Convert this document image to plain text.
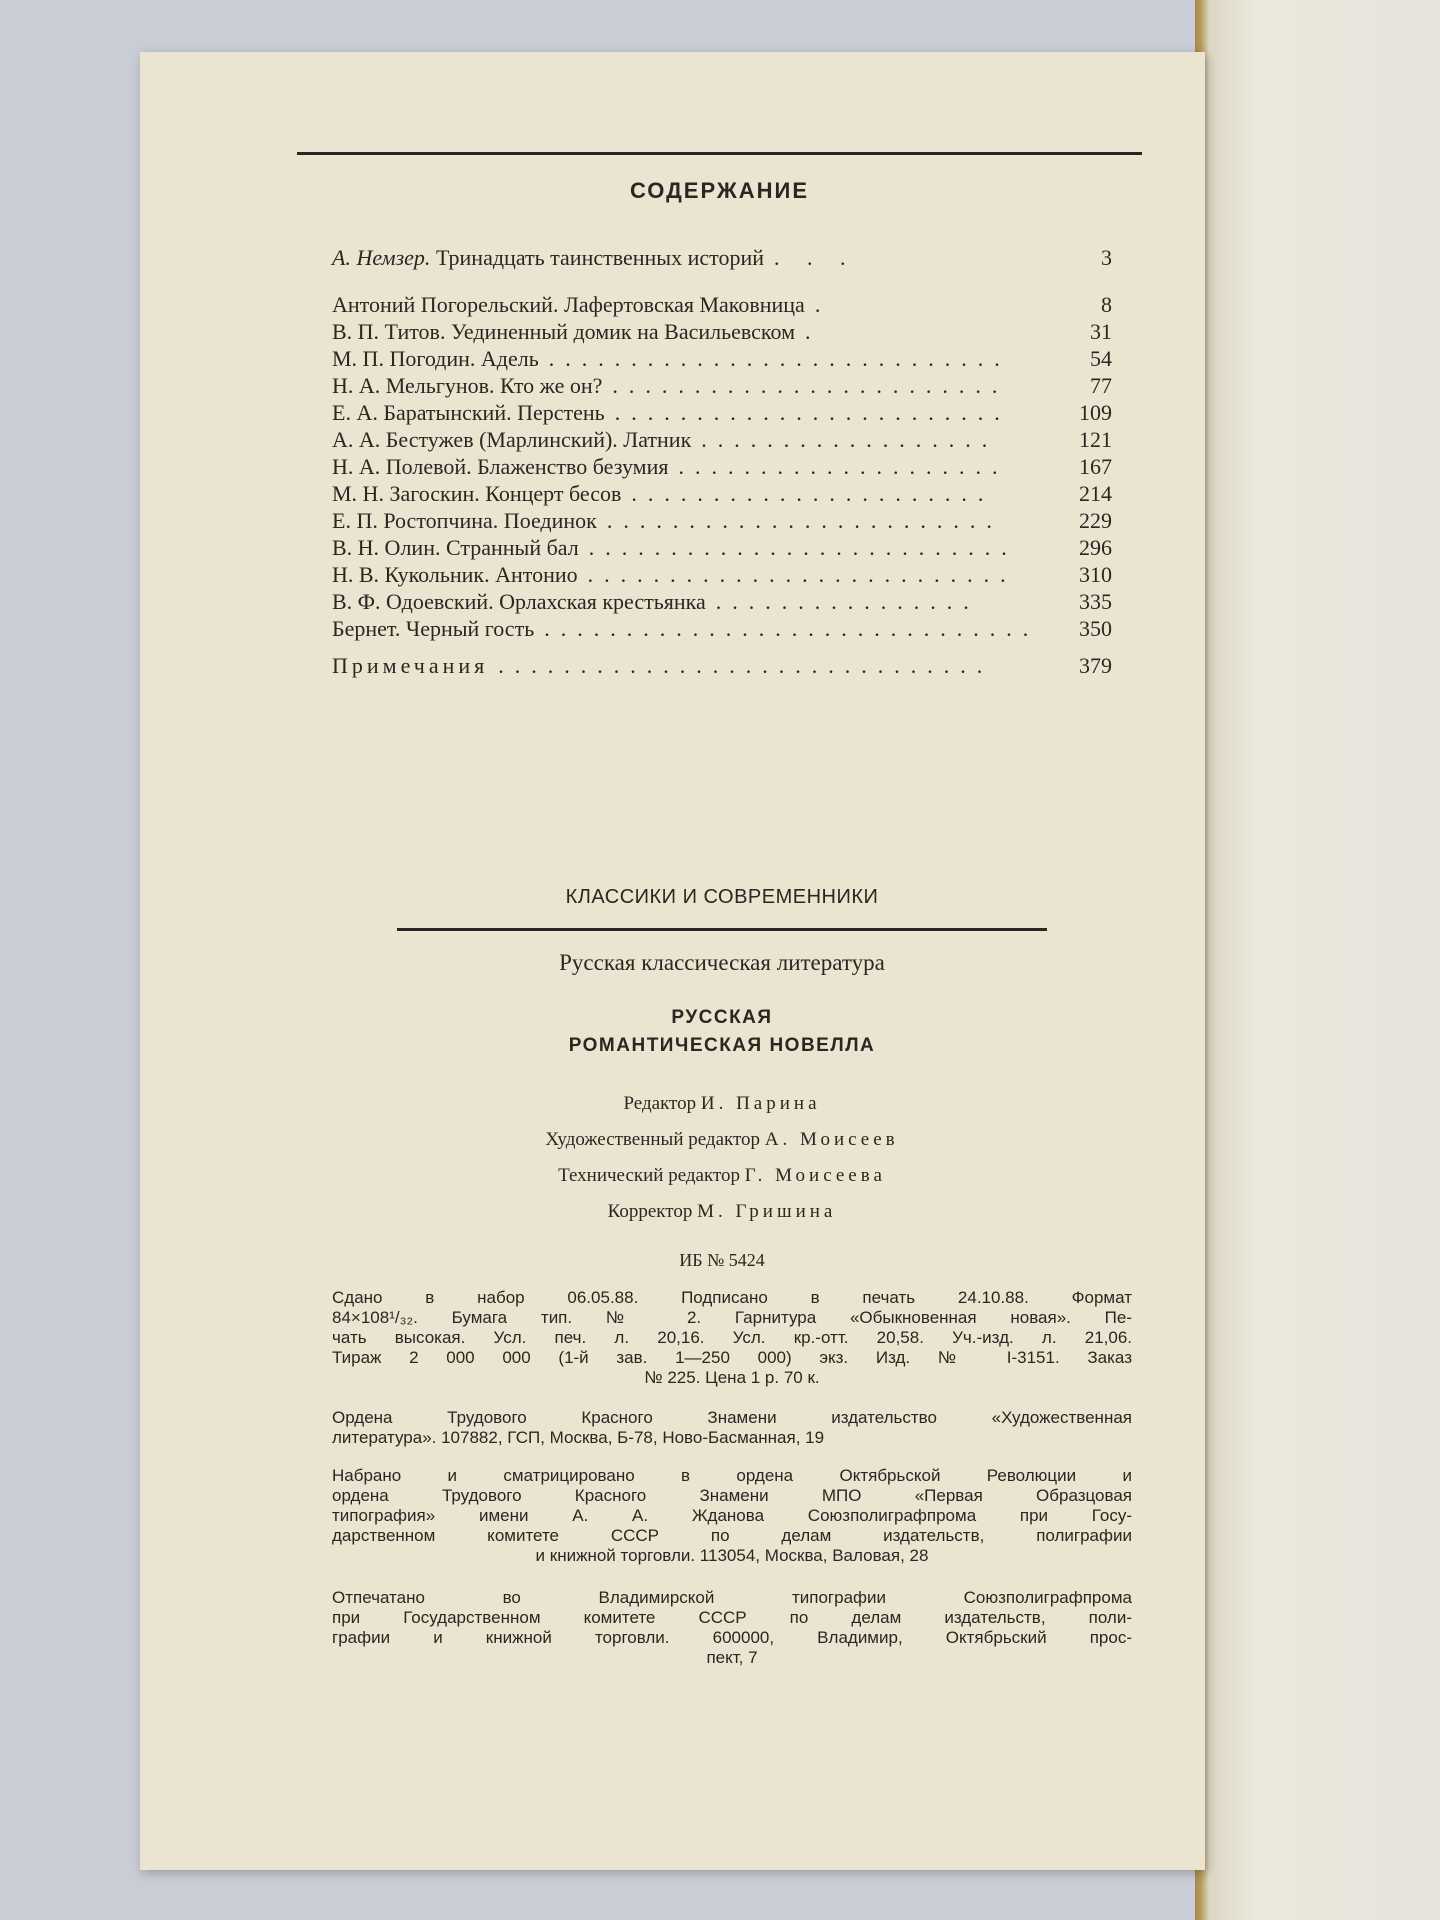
СОДЕРЖАНИЕ
А. Немзер. Тринадцать таинственных историй . . .	3
Антоний Погорельский. Лафертовская Маковница .	8
В. П. Титов. Уединенный домик на Васильевском .	31
М. П. Погодин. Адель ............................	54
Н. А. Мельгунов. Кто же он? ........................	77
Е. А. Баратынский. Перстень ........................	109
А. А. Бестужев (Марлинский). Латник ..................	121
Н. А. Полевой. Блаженство безумия ....................	167
М. Н. Загоскин. Концерт бесов ......................	214
Е. П. Ростопчина. Поединок ........................	229
В. Н. Олин. Странный бал ..........................	296
Н. В. Кукольник. Антонио ..........................	310
В. Ф. Одоевский. Орлахская крестьянка ................	335
Бернет. Черный гость ..............................	350
Примечания ..............................	379
КЛАССИКИ И СОВРЕМЕННИКИ
Русская классическая литература
РУССКАЯ
РОМАНТИЧЕСКАЯ НОВЕЛЛА
Редактор И. Парина
Художественный редактор А. Моисеев
Технический редактор Г. Моисеева
Корректор М. Гришина
ИБ № 5424
Сдано в набор 06.05.88. Подписано в печать 24.10.88. Формат
84×108¹/₃₂. Бумага тип. № 2. Гарнитура «Обыкновенная новая». Пе-
чать высокая. Усл. печ. л. 20,16. Усл. кр.-отт. 20,58. Уч.-изд. л. 21,06.
Тираж 2 000 000 (1-й зав. 1—250 000) экз. Изд. № I-3151. Заказ
№ 225. Цена 1 р. 70 к.
Ордена Трудового Красного Знамени издательство «Художественная
литература». 107882, ГСП, Москва, Б-78, Ново-Басманная, 19
Набрано и сматрицировано в ордена Октябрьской Революции и
ордена Трудового Красного Знамени МПО «Первая Образцовая
типография» имени А. А. Жданова Союзполиграфпрома при Госу-
дарственном комитете СССР по делам издательств, полиграфии
и книжной торговли. 113054, Москва, Валовая, 28
Отпечатано во Владимирской типографии Союзполиграфпрома
при Государственном комитете СССР по делам издательств, поли-
графии и книжной торговли. 600000, Владимир, Октябрьский прос-
пект, 7
